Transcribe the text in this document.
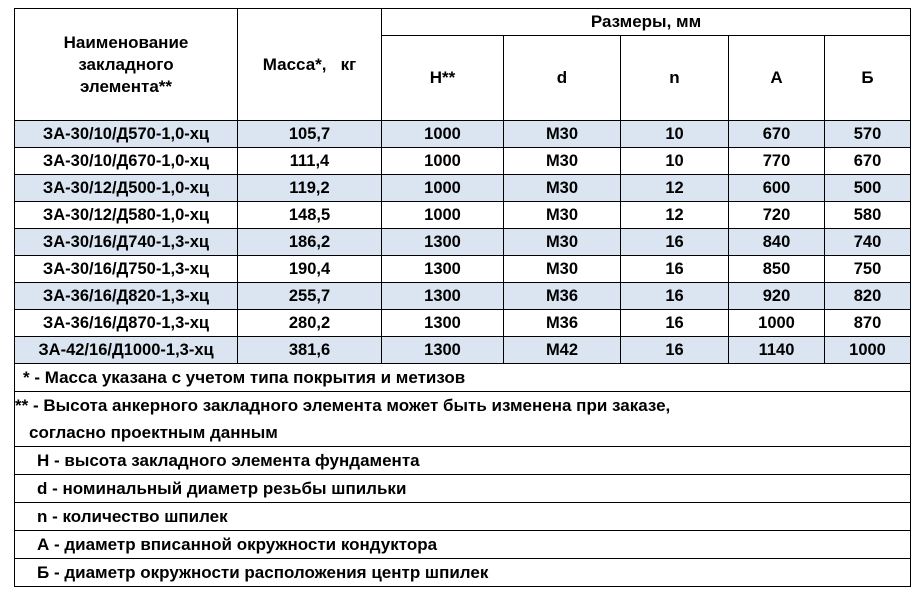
Наименование
закладного
элемента**	Масса*,   кг	Размеры, мм				
		Н**	d	n	А	Б
ЗА-30/10/Д570-1,0-хц	105,7	1000	М30	10	670	570
ЗА-30/10/Д670-1,0-хц	111,4	1000	М30	10	770	670
ЗА-30/12/Д500-1,0-хц	119,2	1000	М30	12	600	500
ЗА-30/12/Д580-1,0-хц	148,5	1000	М30	12	720	580
ЗА-30/16/Д740-1,3-хц	186,2	1300	М30	16	840	740
ЗА-30/16/Д750-1,3-хц	190,4	1300	М30	16	850	750
ЗА-36/16/Д820-1,3-хц	255,7	1300	М36	16	920	820
ЗА-36/16/Д870-1,3-хц	280,2	1300	М36	16	1000	870
ЗА-42/16/Д1000-1,3-хц	381,6	1300	М42	16	1140	1000
* - Масса указана с учетом типа покрытия и метизов						
** - Высота анкерного закладного элемента может быть изменена при заказе,						
согласно проектным данным						
Н - высота закладного элемента фундамента						
d - номинальный диаметр резьбы шпильки						
n - количество шпилек						
А - диаметр вписанной окружности кондуктора						
Б - диаметр окружности расположения центр шпилек						
